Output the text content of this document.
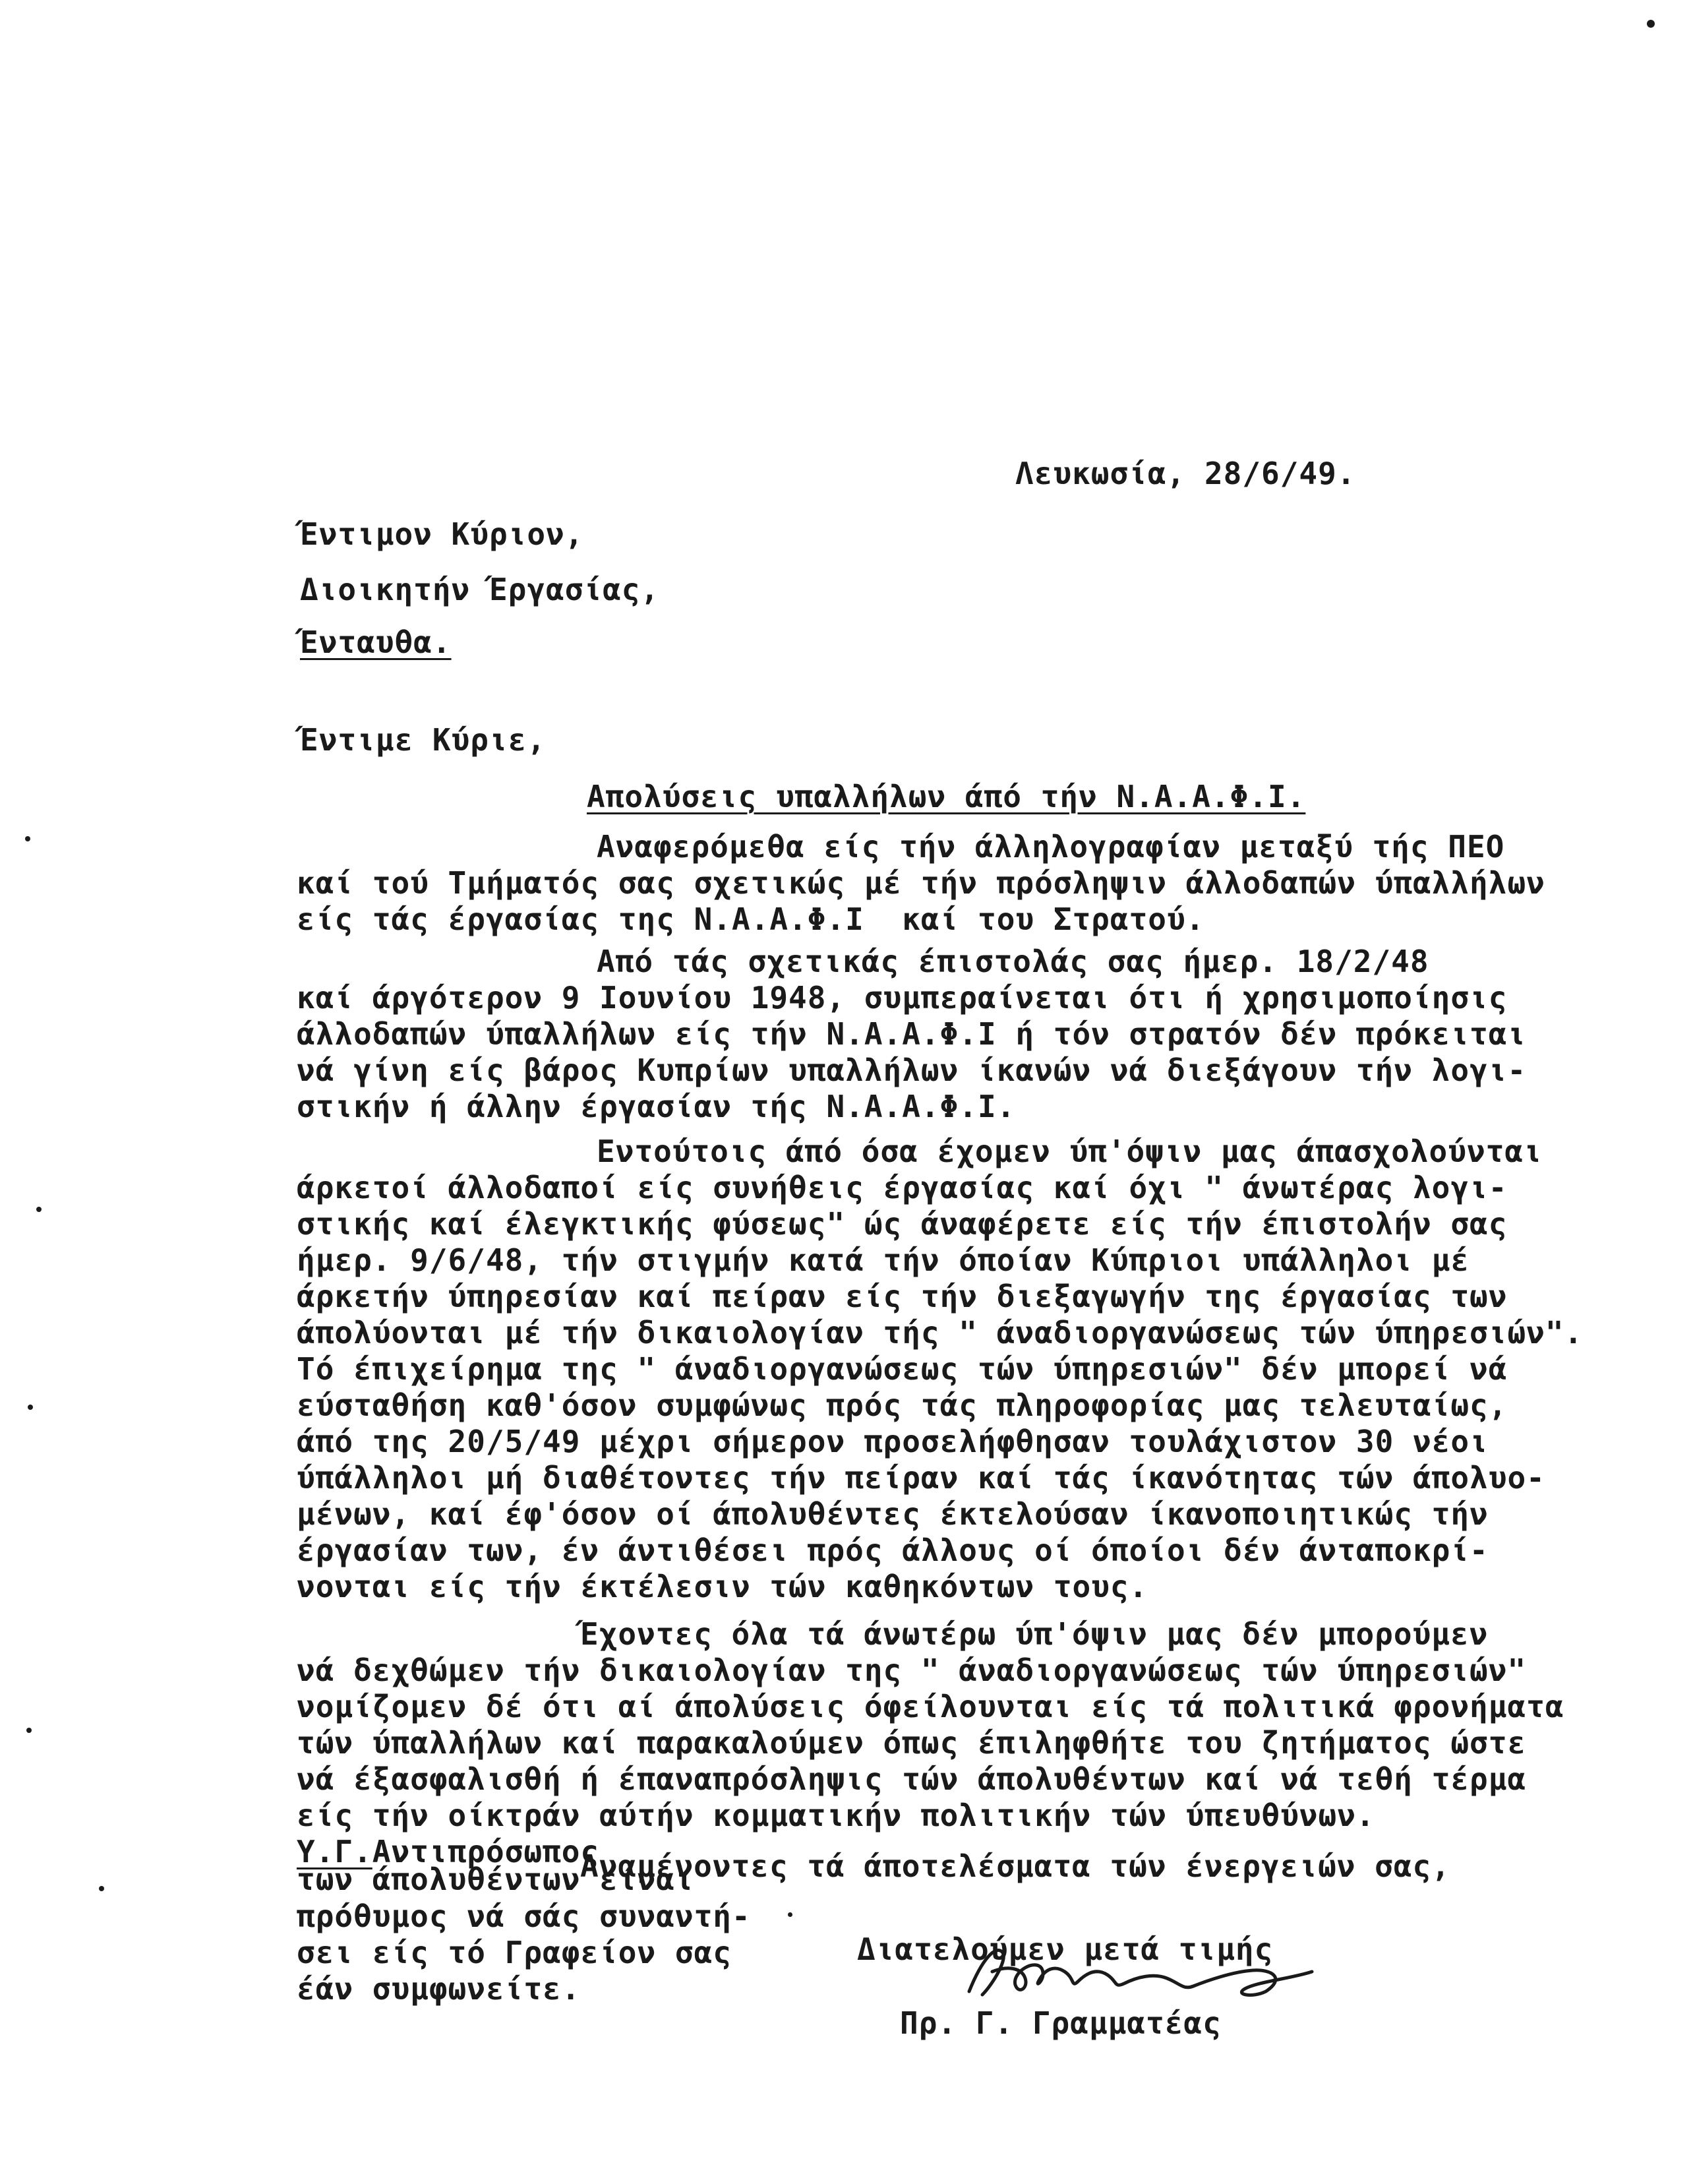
Λευκωσία, 28/6/49.
Έντιμον Κύριον,
Διοικητήν Έργασίας,
Ένταυθα.
Έντιμε Κύριε,
Απολύσεις υπαλλήλων άπό τήν Ν.Α.Α.Φ.Ι.
Αναφερόμεθα είς τήν άλληλογραφίαν μεταξύ τής ΠΕΟ
καί τού Τμήματός σας σχετικώς μέ τήν πρόσληψιν άλλοδαπών ύπαλλήλων
είς τάς έργασίας της Ν.Α.Α.Φ.Ι  καί του Στρατού.
Από τάς σχετικάς έπιστολάς σας ήμερ. 18/2/48
καί άργότερον 9 Ιουνίου 1948, συμπεραίνεται ότι ή χρησιμοποίησις
άλλοδαπών ύπαλλήλων είς τήν Ν.Α.Α.Φ.Ι ή τόν στρατόν δέν πρόκειται
νά γίνη είς βάρος Κυπρίων υπαλλήλων ίκανών νά διεξάγουν τήν λογι-
στικήν ή άλλην έργασίαν τής Ν.Α.Α.Φ.Ι.
Εντούτοις άπό όσα έχομεν ύπ'όψιν μας άπασχολούνται
άρκετοί άλλοδαποί είς συνήθεις έργασίας καί όχι " άνωτέρας λογι-
στικής καί έλεγκτικής φύσεως" ώς άναφέρετε είς τήν έπιστολήν σας
ήμερ. 9/6/48, τήν στιγμήν κατά τήν όποίαν Κύπριοι υπάλληλοι μέ
άρκετήν ύπηρεσίαν καί πείραν είς τήν διεξαγωγήν της έργασίας των
άπολύονται μέ τήν δικαιολογίαν τής " άναδιοργανώσεως τών ύπηρεσιών".
Τό έπιχείρημα της " άναδιοργανώσεως τών ύπηρεσιών" δέν μπορεί νά
εύσταθήση καθ'όσον συμφώνως πρός τάς πληροφορίας μας τελευταίως,
άπό της 20/5/49 μέχρι σήμερον προσελήφθησαν τουλάχιστον 30 νέοι
ύπάλληλοι μή διαθέτοντες τήν πείραν καί τάς ίκανότητας τών άπολυο-
μένων, καί έφ'όσον οί άπολυθέντες έκτελούσαν ίκανοποιητικώς τήν
έργασίαν των, έν άντιθέσει πρός άλλους οί όποίοι δέν άνταποκρί-
νονται είς τήν έκτέλεσιν τών καθηκόντων τους.
Έχοντες όλα τά άνωτέρω ύπ'όψιν μας δέν μπορούμεν
νά δεχθώμεν τήν δικαιολογίαν της " άναδιοργανώσεως τών ύπηρεσιών"
νομίζομεν δέ ότι αί άπολύσεις όφείλουνται είς τά πολιτικά φρονήματα
τών ύπαλλήλων καί παρακαλούμεν όπως έπιληφθήτε του ζητήματος ώστε
νά έξασφαλισθή ή έπαναπρόσληψις τών άπολυθέντων καί νά τεθή τέρμα
είς τήν οίκτράν αύτήν κομματικήν πολιτικήν τών ύπευθύνων.
Υ.Γ.Αντιπρόσωπος
των άπολυθέντων είναι
πρόθυμος νά σάς συναντή-
σει είς τό Γραφείον σας
έάν συμφωνείτε.
Αναμένοντες τά άποτελέσματα τών ένεργειών σας,
Διατελούμεν μετά τιμής
Πρ. Γ. Γραμματέας
